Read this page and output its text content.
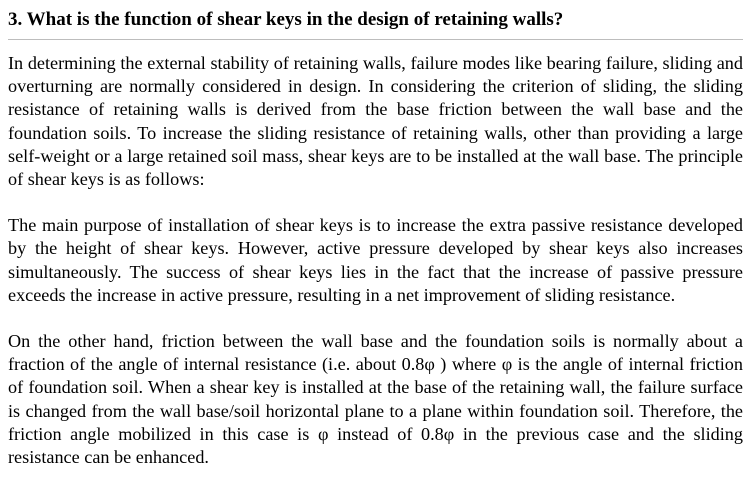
3. What is the function of shear keys in the design of retaining walls?

In determining the external stability of retaining walls, failure modes like bearing failure, sliding and overturning are normally considered in design. In considering the criterion of sliding, the sliding resistance of retaining walls is derived from the base friction between the wall base and the foundation soils. To increase the sliding resistance of retaining walls, other than providing a large self-weight or a large retained soil mass, shear keys are to be installed at the wall base. The principle of shear keys is as follows:

The main purpose of installation of shear keys is to increase the extra passive resistance developed by the height of shear keys. However, active pressure developed by shear keys also increases simultaneously. The success of shear keys lies in the fact that the increase of passive pressure exceeds the increase in active pressure, resulting in a net improvement of sliding resistance.

On the other hand, friction between the wall base and the foundation soils is normally about a fraction of the angle of internal resistance (i.e. about 0.8φ ) where φ is the angle of internal friction of foundation soil. When a shear key is installed at the base of the retaining wall, the failure surface is changed from the wall base/soil horizontal plane to a plane within foundation soil. Therefore, the friction angle mobilized in this case is φ instead of 0.8φ in the previous case and the sliding resistance can be enhanced.
